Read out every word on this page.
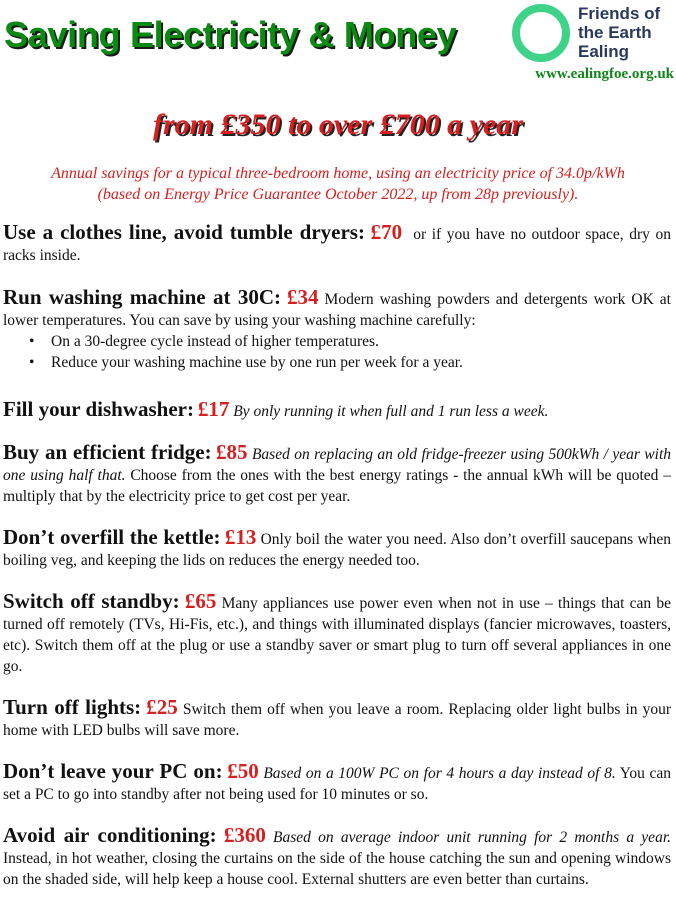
Saving Electricity & Money
Friends of
the Earth
Ealing
www.ealingfoe.org.uk
from £350 to over £700 a year
Annual savings for a typical three-bedroom home, using an electricity price of 34.0p/kWh
(based on Energy Price Guarantee October 2022, up from 28p previously).

Use a clothes line, avoid tumble dryers: £70 or if you have no outdoor space, dry on racks inside.

Run washing machine at 30C: £34 Modern washing powders and detergents work OK at lower temperatures. You can save by using your washing machine carefully:
• On a 30-degree cycle instead of higher temperatures.
• Reduce your washing machine use by one run per week for a year.

Fill your dishwasher: £17 By only running it when full and 1 run less a week.

Buy an efficient fridge: £85 Based on replacing an old fridge-freezer using 500kWh / year with one using half that. Choose from the ones with the best energy ratings - the annual kWh will be quoted – multiply that by the electricity price to get cost per year.

Don’t overfill the kettle: £13 Only boil the water you need. Also don’t overfill saucepans when boiling veg, and keeping the lids on reduces the energy needed too.

Switch off standby: £65 Many appliances use power even when not in use – things that can be turned off remotely (TVs, Hi-Fis, etc.), and things with illuminated displays (fancier microwaves, toasters, etc). Switch them off at the plug or use a standby saver or smart plug to turn off several appliances in one go.

Turn off lights: £25 Switch them off when you leave a room. Replacing older light bulbs in your home with LED bulbs will save more.

Don’t leave your PC on: £50 Based on a 100W PC on for 4 hours a day instead of 8. You can set a PC to go into standby after not being used for 10 minutes or so.

Avoid air conditioning: £360 Based on average indoor unit running for 2 months a year. Instead, in hot weather, closing the curtains on the side of the house catching the sun and opening windows on the shaded side, will help keep a house cool. External shutters are even better than curtains.
